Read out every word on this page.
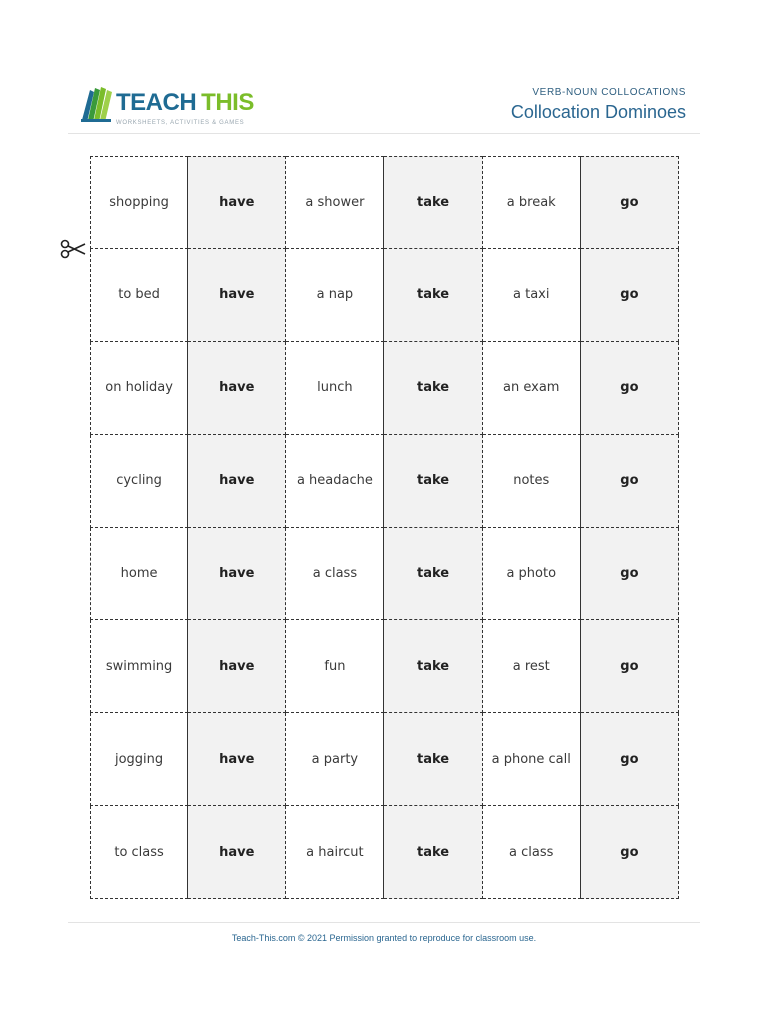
TEACH THIS
WORKSHEETS, ACTIVITIES & GAMES
VERB-NOUN COLLOCATIONS
Collocation Dominoes
shopping	have	a shower	take	a break	go
to bed	have	a nap	take	a taxi	go
on holiday	have	lunch	take	an exam	go
cycling	have	a headache	take	notes	go
home	have	a class	take	a photo	go
swimming	have	fun	take	a rest	go
jogging	have	a party	take	a phone call	go
to class	have	a haircut	take	a class	go
Teach-This.com © 2021 Permission granted to reproduce for classroom use.
